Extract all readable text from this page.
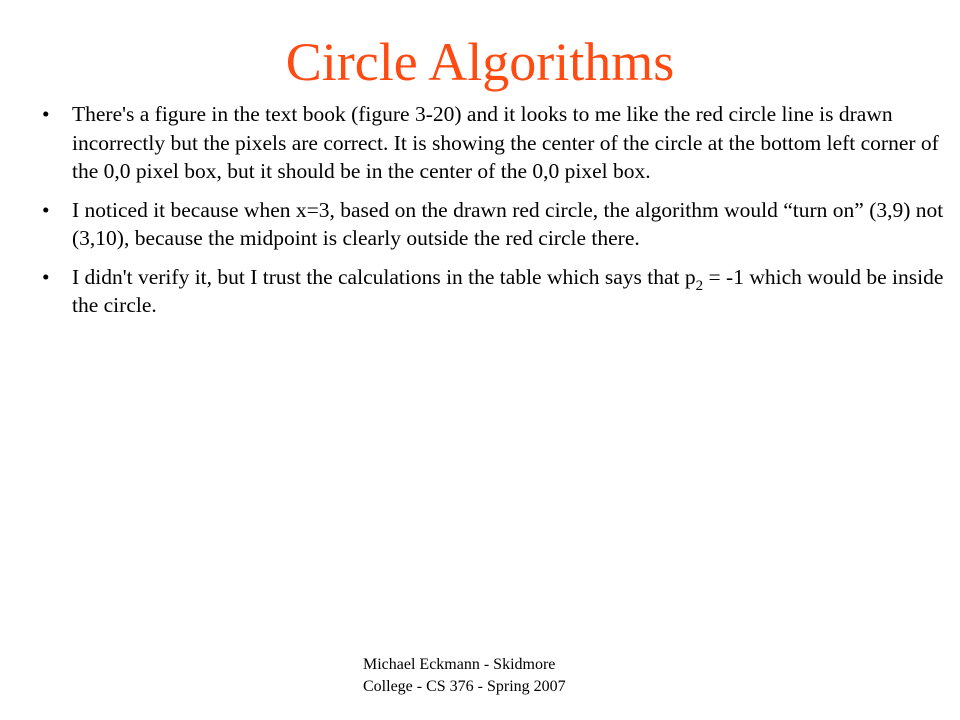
Circle Algorithms
•	There's a figure in the text book (figure 3-20) and it looks to me like the red circle line is drawn incorrectly but the pixels are correct. It is showing the center of the circle at the bottom left corner of the 0,0 pixel box, but it should be in the center of the 0,0 pixel box.
•	I noticed it because when x=3, based on the drawn red circle, the algorithm would “turn on” (3,9) not (3,10), because the midpoint is clearly outside the red circle there.
•	I didn't verify it, but I trust the calculations in the table which says that $p_2 = -1$ which would be inside the circle.
Michael Eckmann - Skidmore
College - CS 376 - Spring 2007
